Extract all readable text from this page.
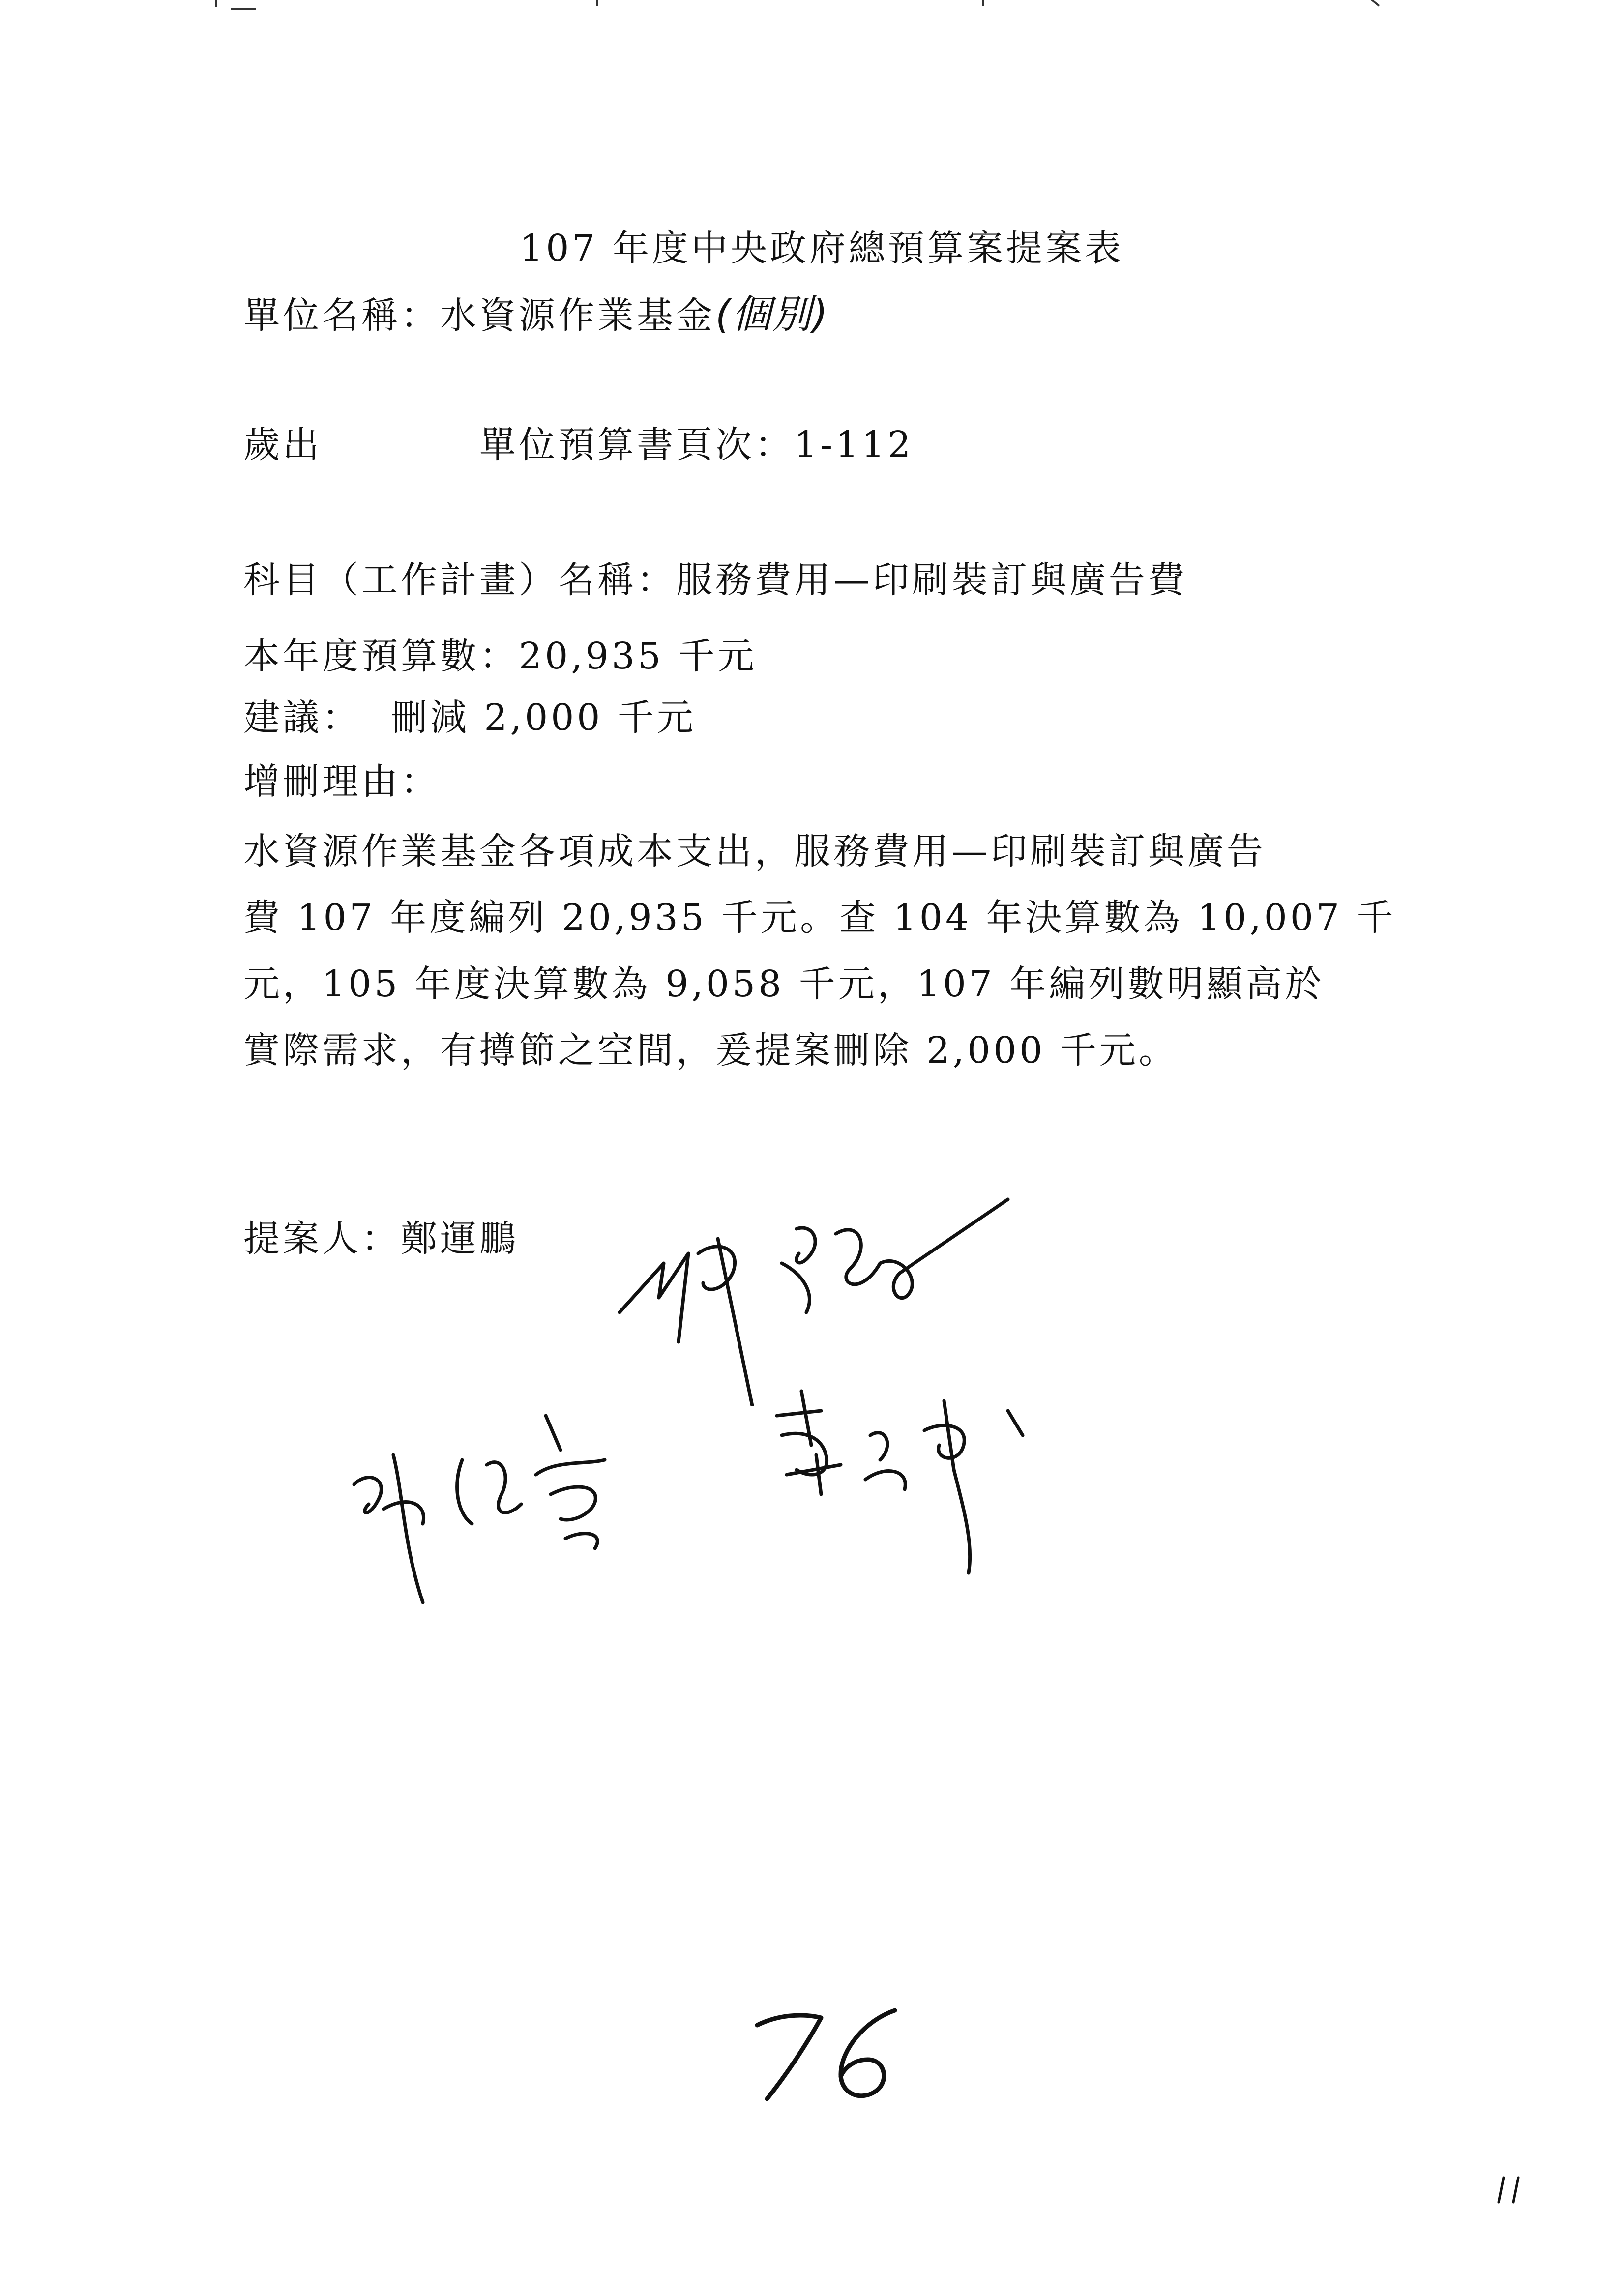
107 年度中央政府總預算案提案表
單位名稱：水資源作業基金(個別)
歲出	單位預算書頁次：1-112
科目（工作計畫）名稱：服務費用—印刷裝訂與廣告費
本年度預算數：20,935 千元
建議： 刪減 2,000 千元
增刪理由：
水資源作業基金各項成本支出，服務費用—印刷裝訂與廣告
費 107 年度編列 20,935 千元。查 104 年決算數為 10,007 千
元，105 年度決算數為 9,058 千元，107 年編列數明顯高於
實際需求，有撙節之空間，爰提案刪除 2,000 千元。
提案人：鄭運鵬
